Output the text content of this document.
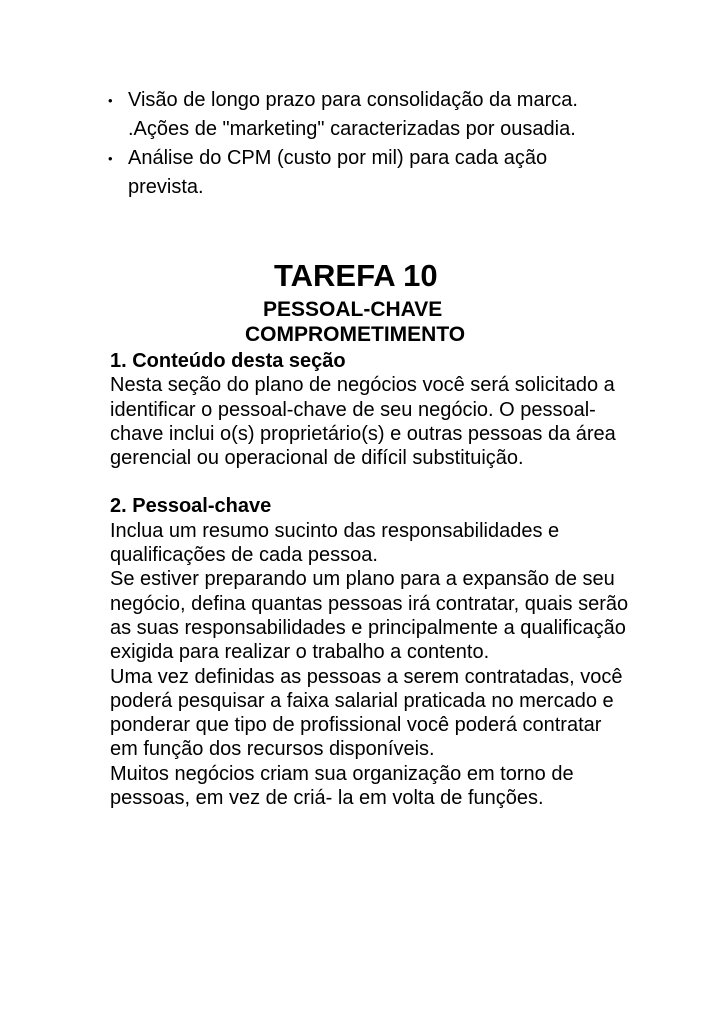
• Visão de longo prazo para consolidação da marca. .Ações de "marketing" caracterizadas por ousadia.
• Análise do CPM (custo por mil) para cada ação prevista.
TAREFA 10
PESSOAL-CHAVE
COMPROMETIMENTO

1. Conteúdo desta seção

Nesta seção do plano de negócios você será solicitado a identificar o pessoal-chave de seu negócio. O pessoal-chave inclui o(s) proprietário(s) e outras pessoas da área gerencial ou operacional de difícil substituição.

2. Pessoal-chave

Inclua um resumo sucinto das responsabilidades e qualificações de cada pessoa.

Se estiver preparando um plano para a expansão de seu negócio, defina quantas pessoas irá contratar, quais serão as suas responsabilidades e principalmente a qualificação exigida para realizar o trabalho a contento.

Uma vez definidas as pessoas a serem contratadas, você poderá pesquisar a faixa salarial praticada no mercado e ponderar que tipo de profissional você poderá contratar em função dos recursos disponíveis.

Muitos negócios criam sua organização em torno de pessoas, em vez de criá- la em volta de funções.
